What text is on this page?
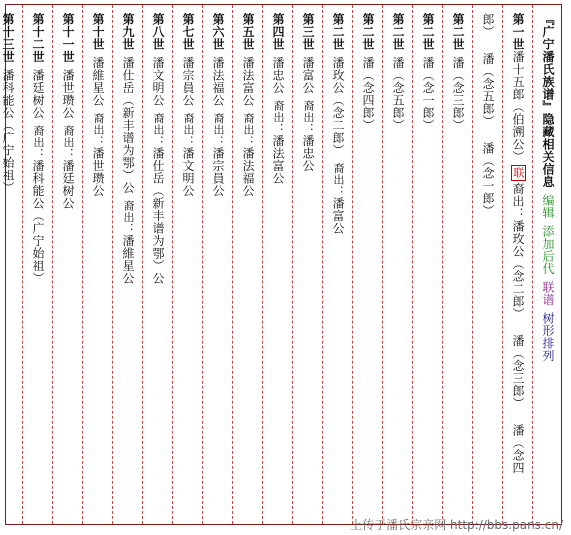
『广宁潘氏族谱』隐藏相关信息编辑添加后代联谱树形排列
第一世潘十五郎（伯溯公）联裔出：潘玫公（念二郎） 潘（念三郎） 潘（念四
郎） 潘（念五郎） 潘（念一郎）
第二世潘（念三郎）
第二世潘（念一郎）
第二世潘（念五郎）
第二世潘（念四郎）
第二世潘玫公（念二郎）裔出：潘富公
第三世潘富公裔出：潘忠公
第四世潘忠公裔出：潘法富公
第五世潘法富公裔出：潘法福公
第六世潘法福公裔出：潘宗員公
第七世潘宗員公裔出：潘文明公
第八世潘文明公裔出：潘仕岳（新丰谱为鄂）公
第九世潘仕岳（新丰谱为鄂）公裔出：潘維星公
第十世潘維星公裔出：潘世瓒公
第十一世潘世瓒公裔出：潘廷树公
第十二世潘廷树公裔出：潘科能公（广宁始祖）
第十三世潘科能公（广宁始祖）
上传于潘氏宗亲网 http://bbs.pans.cn/
